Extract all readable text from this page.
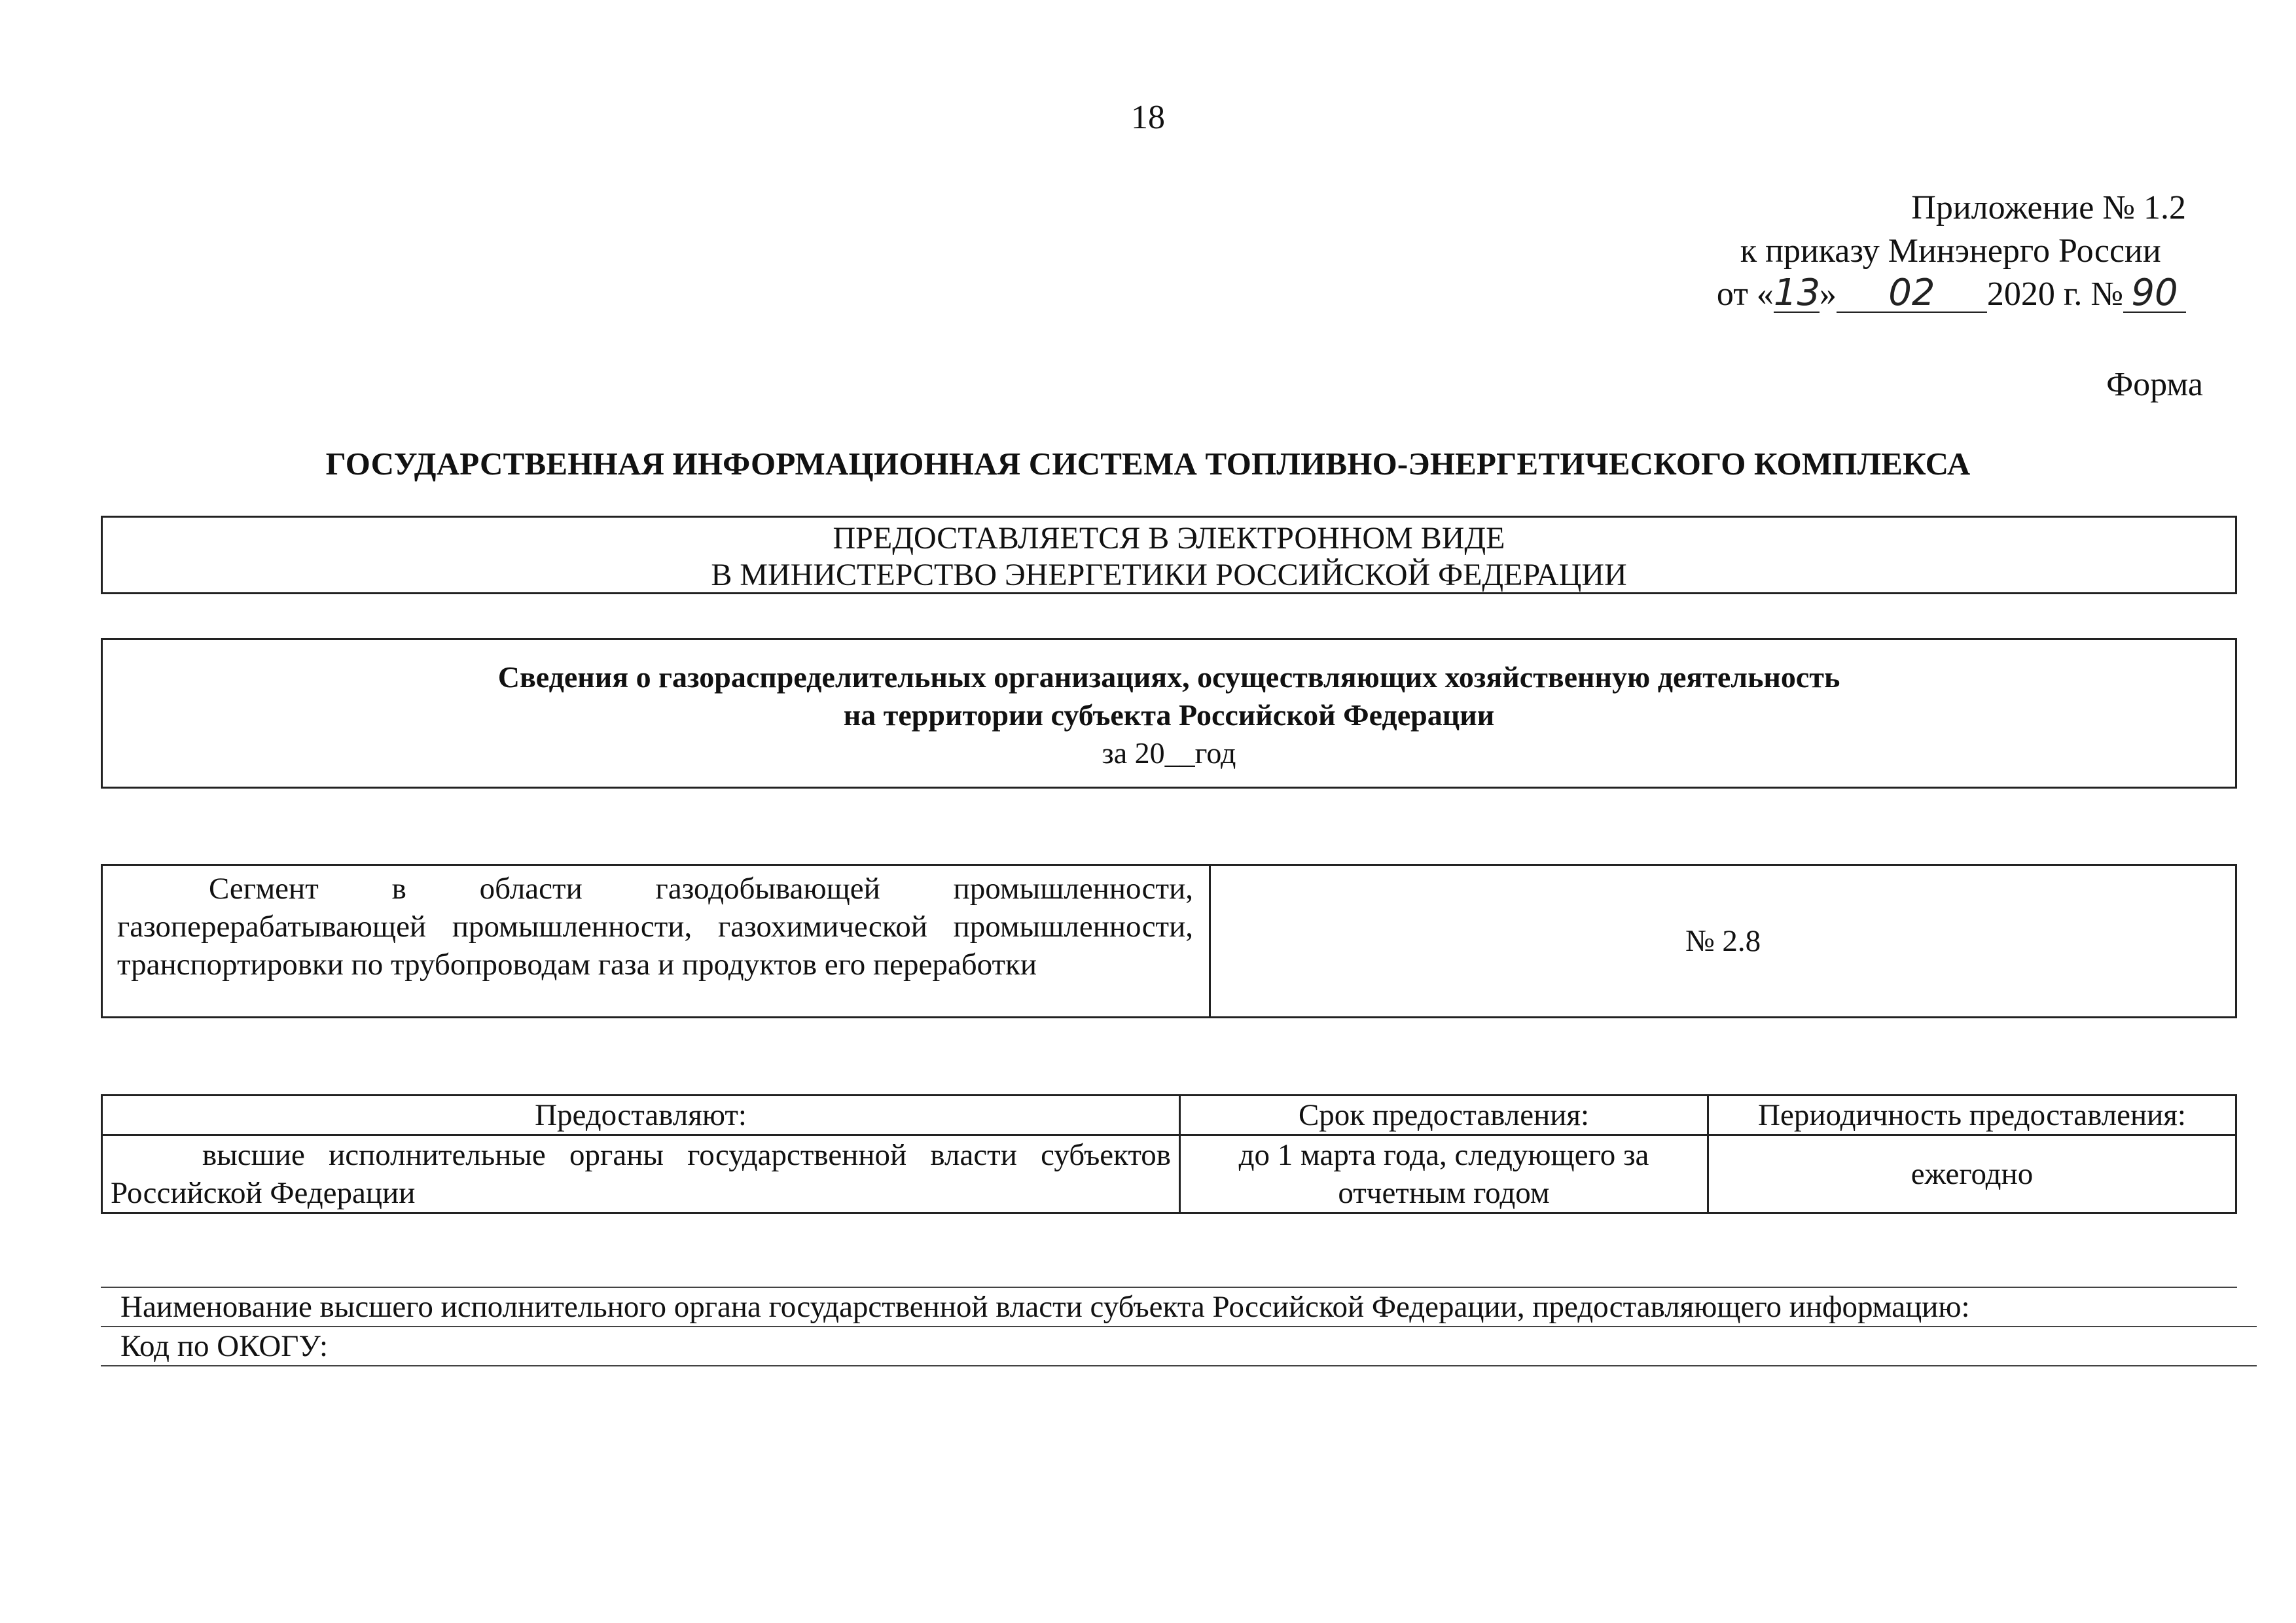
18
Приложение № 1.2
к приказу Минэнерго России
от «13» 02 2020 г. № 90
Форма
ГОСУДАРСТВЕННАЯ ИНФОРМАЦИОННАЯ СИСТЕМА ТОПЛИВНО-ЭНЕРГЕТИЧЕСКОГО КОМПЛЕКСА
ПРЕДОСТАВЛЯЕТСЯ В ЭЛЕКТРОННОМ ВИДЕ
В МИНИСТЕРСТВО ЭНЕРГЕТИКИ РОССИЙСКОЙ ФЕДЕРАЦИИ
Сведения о газораспределительных организациях, осуществляющих хозяйственную деятельность
на территории субъекта Российской Федерации
за 20__год
Сегмент в области газодобывающей промышленности, газоперерабатывающей промышленности, газохимической промышленности, транспортировки по трубопроводам газа и продуктов его переработки	№ 2.8
Предоставляют:	Срок предоставления:	Периодичность предоставления:
высшие исполнительные органы государственной власти субъектов Российской Федерации	до 1 марта года, следующего за отчетным годом	ежегодно
Наименование высшего исполнительного органа государственной власти субъекта Российской Федерации, предоставляющего информацию:
Код по ОКОГУ:
